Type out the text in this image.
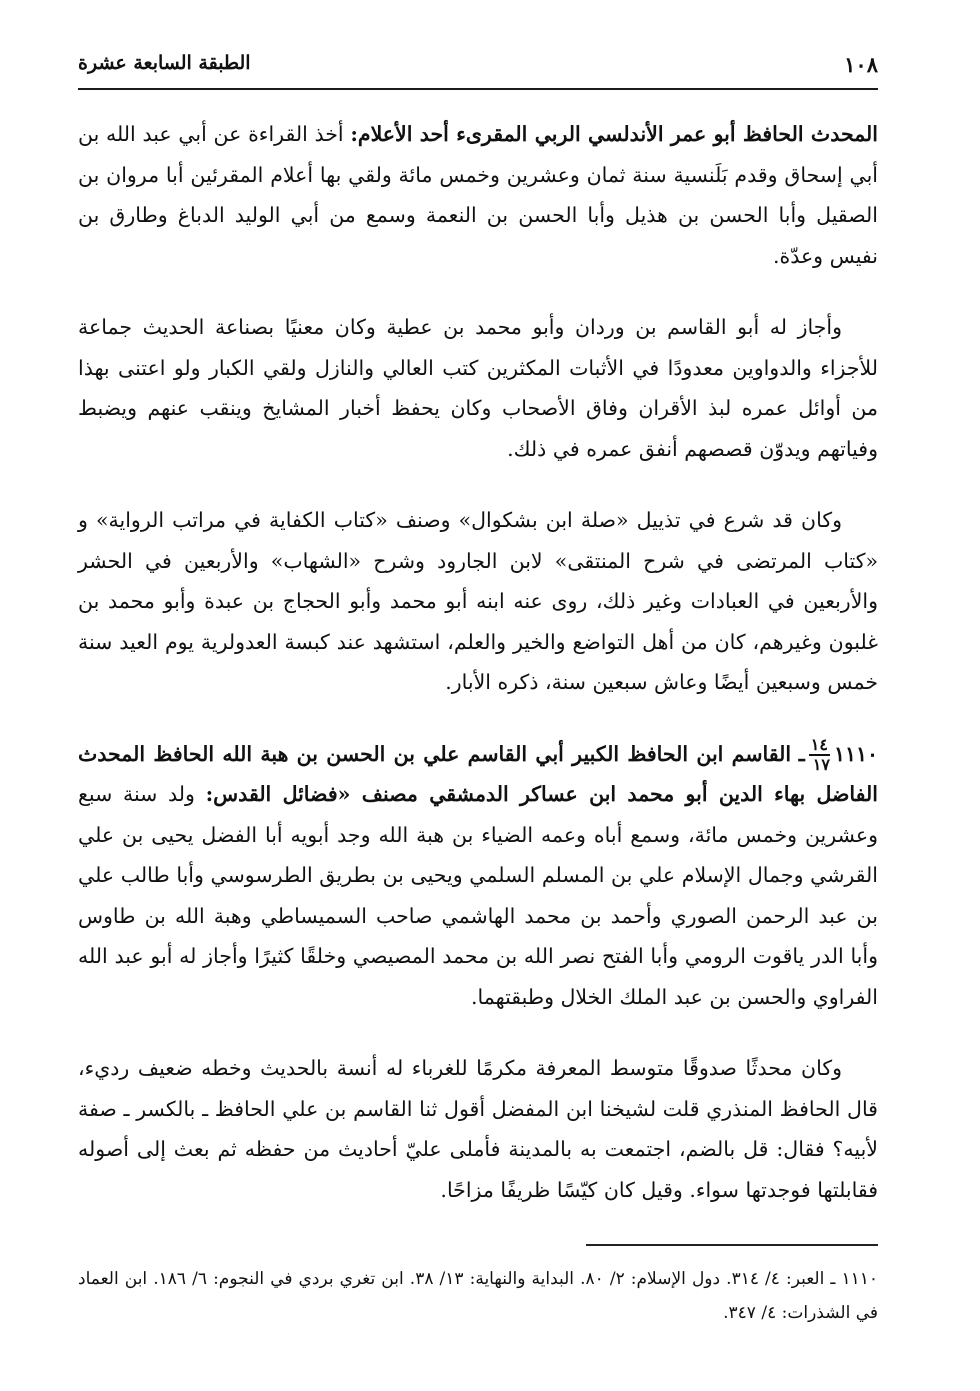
١٠٨
الطبقة السابعة عشرة

المحدث الحافظ أبو عمر الأندلسي الربي المقرىء أحد الأعلام: أخذ القراءة عن أبي عبد الله بن أبي إسحاق وقدم بَلَنسية سنة ثمان وعشرين وخمس مائة ولقي بها أعلام المقرئين أبا مروان بن الصقيل وأبا الحسن بن هذيل وأبا الحسن بن النعمة وسمع من أبي الوليد الدباغ وطارق بن نفيس وعدّة.

وأجاز له أبو القاسم بن وردان وأبو محمد بن عطية وكان معنيًا بصناعة الحديث جماعة للأجزاء والدواوين معدودًا في الأثبات المكثرين كتب العالي والنازل ولقي الكبار ولو اعتنى بهذا من أوائل عمره لبذ الأقران وفاق الأصحاب وكان يحفظ أخبار المشايخ وينقب عنهم ويضبط وفياتهم ويدوّن قصصهم أنفق عمره في ذلك.

وكان قد شرع في تذييل «صلة ابن بشكوال» وصنف «كتاب الكفاية في مراتب الرواية» و «كتاب المرتضى في شرح المنتقى» لابن الجارود وشرح «الشهاب» والأربعين في الحشر والأربعين في العبادات وغير ذلك، روى عنه ابنه أبو محمد وأبو الحجاج بن عبدة وأبو محمد بن غلبون وغيرهم، كان من أهل التواضع والخير والعلم، استشهد عند كبسة العدولرية يوم العيد سنة خمس وسبعين أيضًا وعاش سبعين سنة، ذكره الأبار.

١١١٠
$\frac{١٤}{١٧}$
ـ القاسم ابن الحافظ الكبير أبي القاسم علي بن الحسن بن هبة الله الحافظ المحدث الفاضل بهاء الدين أبو محمد ابن عساكر الدمشقي مصنف «فضائل القدس: ولد سنة سبع وعشرين وخمس مائة، وسمع أباه وعمه الضياء بن هبة الله وجد أبويه أبا الفضل يحيى بن علي القرشي وجمال الإسلام علي بن المسلم السلمي ويحيى بن بطريق الطرسوسي وأبا طالب علي بن عبد الرحمن الصوري وأحمد بن محمد الهاشمي صاحب السميساطي وهبة الله بن طاوس وأبا الدر ياقوت الرومي وأبا الفتح نصر الله بن محمد المصيصي وخلقًا كثيرًا وأجاز له أبو عبد الله الفراوي والحسن بن عبد الملك الخلال وطبقتهما.

وكان محدثًا صدوقًا متوسط المعرفة مكرمًا للغرباء له أنسة بالحديث وخطه ضعيف رديء، قال الحافظ المنذري قلت لشيخنا ابن المفضل أقول ثنا القاسم بن علي الحافظ ـ بالكسر ـ صفة لأبيه؟ فقال: قل بالضم، اجتمعت به بالمدينة فأملى عليّ أحاديث من حفظه ثم بعث إلى أصوله فقابلتها فوجدتها سواء. وقيل كان كيّسًا ظريفًا مزاحًا.

١١١٠ ـ العبر: ٤/ ٣١٤. دول الإسلام: ٢/ ٨٠. البداية والنهاية: ١٣/ ٣٨. ابن تغري بردي في النجوم: ٦/ ١٨٦. ابن العماد في الشذرات: ٤/ ٣٤٧.
